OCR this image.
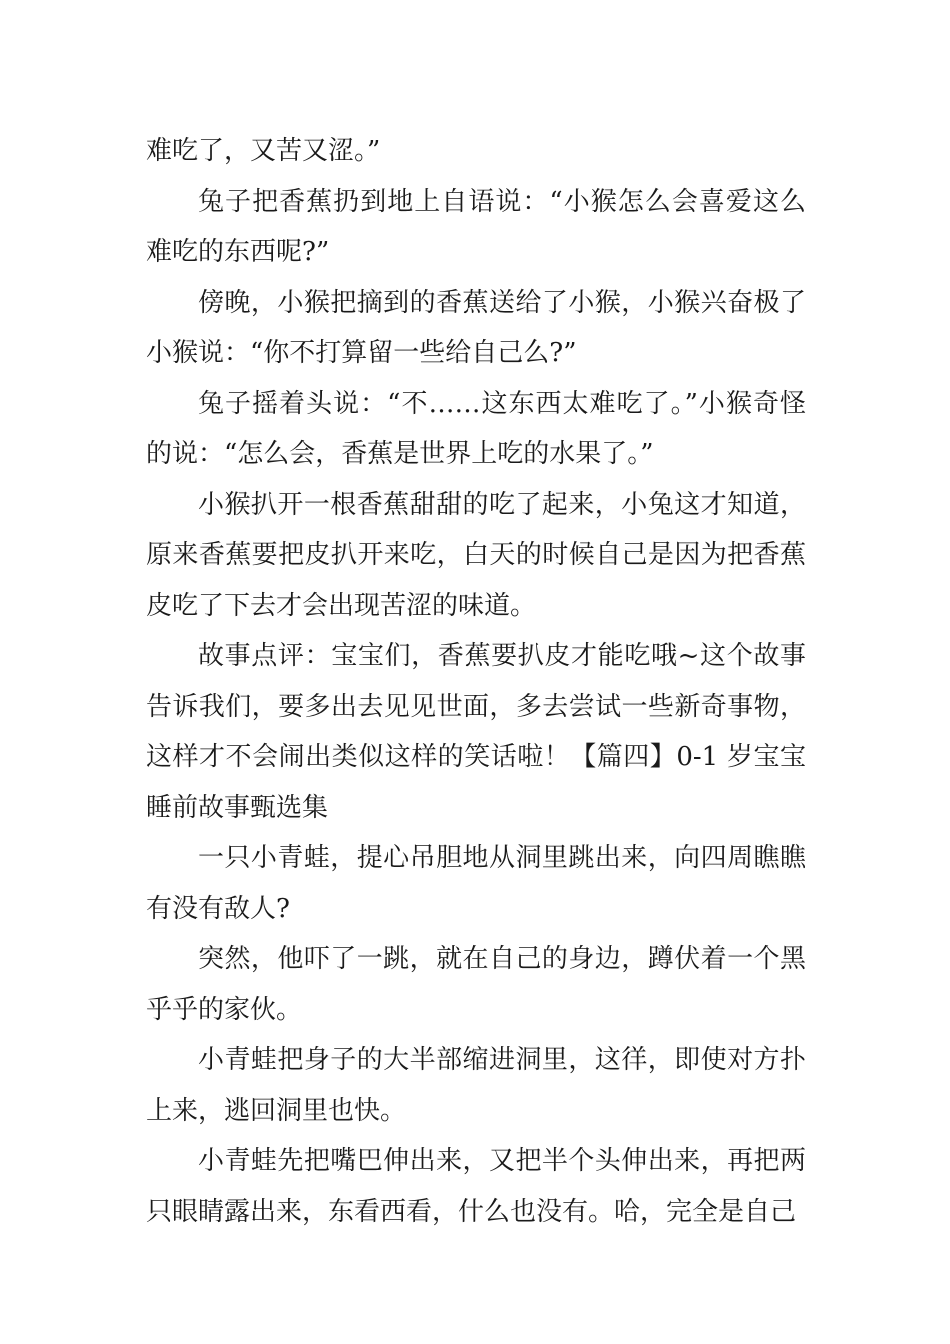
难吃了，又苦又涩。”

兔子把香蕉扔到地上自语说：“小猴怎么会喜爱这么难吃的东西呢?”

傍晚，小猴把摘到的香蕉送给了小猴，小猴兴奋极了小猴说：“你不打算留一些给自己么?”

兔子摇着头说：“不……这东西太难吃了。”小猴奇怪的说：“怎么会，香蕉是世界上吃的水果了。”

小猴扒开一根香蕉甜甜的吃了起来，小兔这才知道，原来香蕉要把皮扒开来吃，白天的时候自己是因为把香蕉皮吃了下去才会出现苦涩的味道。

故事点评：宝宝们，香蕉要扒皮才能吃哦~这个故事告诉我们，要多出去见见世面，多去尝试一些新奇事物，这样才不会闹出类似这样的笑话啦！【篇四】0-1 岁宝宝睡前故事甄选集

一只小青蛙，提心吊胆地从洞里跳出来，向四周瞧瞧有没有敌人?

突然，他吓了一跳，就在自己的身边，蹲伏着一个黑乎乎的家伙。

小青蛙把身子的大半部缩进洞里，这徉，即使对方扑上来，逃回洞里也快。

小青蛙先把嘴巴伸出来，又把半个头伸出来，再把两只眼睛露出来，东看西看，什么也没有。哈，完全是自己
